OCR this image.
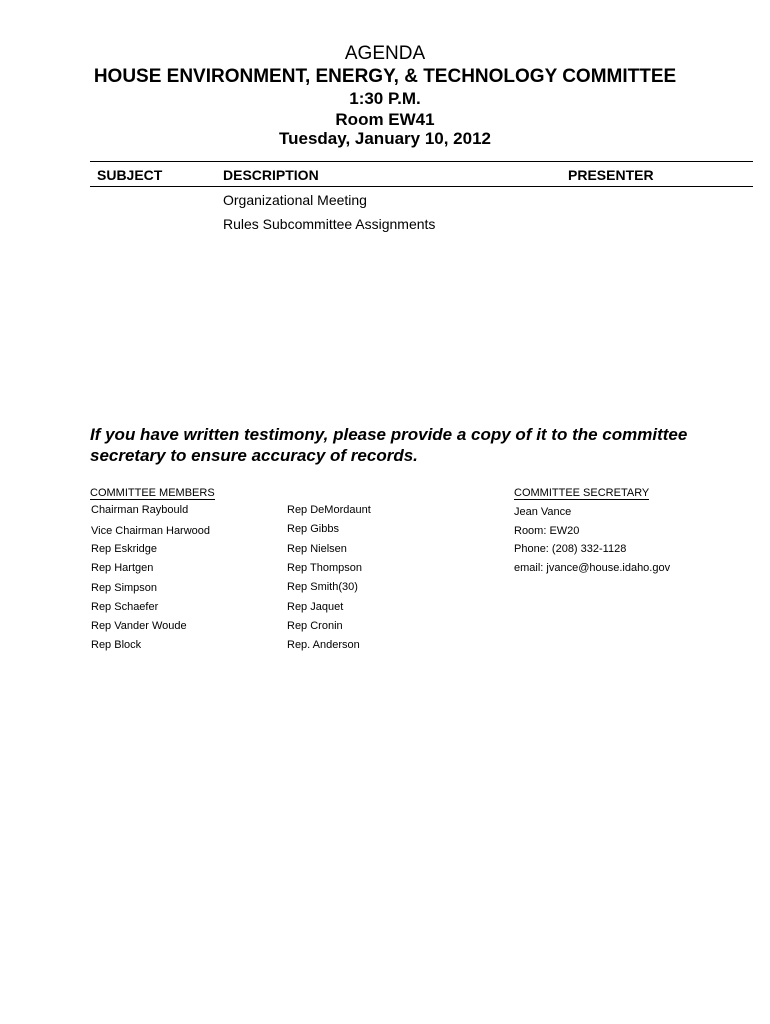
AGENDA
HOUSE ENVIRONMENT, ENERGY, & TECHNOLOGY COMMITTEE
1:30 P.M.
Room EW41
Tuesday, January 10, 2012
SUBJECT	DESCRIPTION	PRESENTER
Organizational Meeting
Rules Subcommittee Assignments
If you have written testimony, please provide a copy of it to the committee
secretary to ensure accuracy of records.
COMMITTEE MEMBERS
Chairman Raybould
Vice Chairman Harwood
Rep Eskridge
Rep Hartgen
Rep Simpson
Rep Schaefer
Rep Vander Woude
Rep Block
Rep DeMordaunt
Rep Gibbs
Rep Nielsen
Rep Thompson
Rep Smith(30)
Rep Jaquet
Rep Cronin
Rep. Anderson
COMMITTEE SECRETARY
Jean Vance
Room: EW20
Phone: (208) 332-1128
email: jvance@house.idaho.gov
